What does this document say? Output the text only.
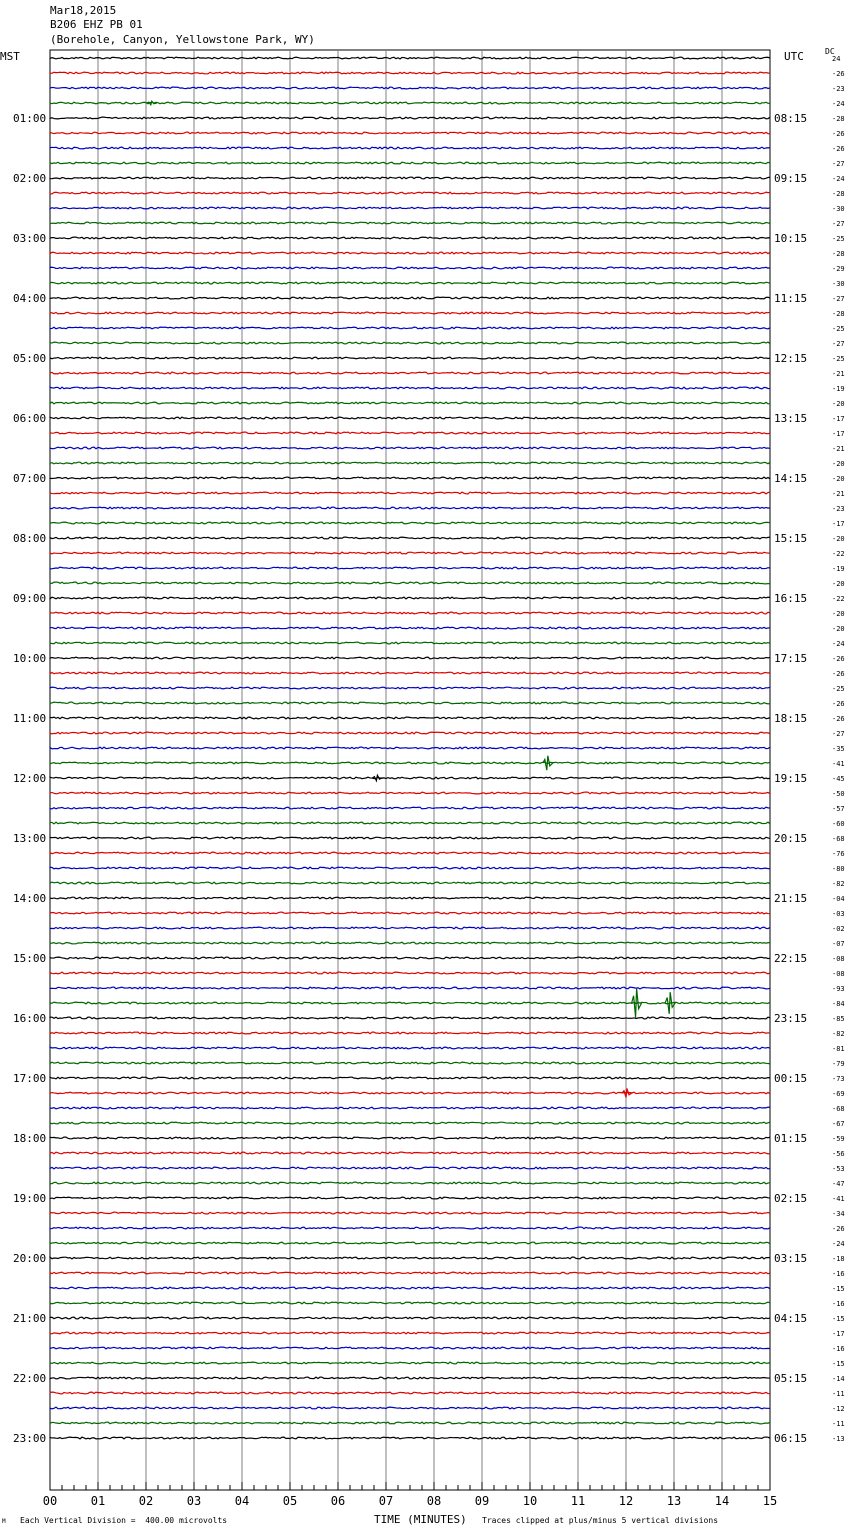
Mar18,2015
B206 EHZ PB 01
(Borehole, Canyon, Yellowstone Park, WY)
MST	UTC	DC
01:00
02:00
03:00
04:00
05:00
06:00
07:00
08:00
09:00
10:00
11:00
12:00
13:00
14:00
15:00
16:00
17:00
18:00
19:00
20:00
21:00
22:00
23:00
08:15
09:15
10:15
11:15
12:15
13:15
14:15
15:15
16:15
17:15
18:15
19:15
20:15
21:15
22:15
23:15
00:15
01:15
02:15
03:15
04:15
05:15
06:15
24
-26
-23
-24
-28
-26
-26
-27
-24
-28
-30
-27
-25
-28
-29
-30
-27
-28
-25
-27
-25
-21
-19
-20
-17
-17
-21
-20
-20
-21
-23
-17
-20
-22
-19
-20
-22
-20
-20
-24
-26
-26
-25
-26
-26
-27
-35
-41
-45
-50
-57
-60
-68
-76
-80
-82
-04
-03
-02
-07
-08
-08
-93
-84
-85
-82
-81
-79
-73
-69
-68
-67
-59
-56
-53
-47
-41
-34
-26
-24
-18
-16
-15
-16
-15
-17
-16
-15
-14
-11
-12
-11
-13
00	01	02	03	04	05	06	07	08	09	10	11	12	13	14	15
M Each Vertical Division =  400.00 microvolts	TIME (MINUTES) Traces clipped at plus/minus 5 vertical divisions
